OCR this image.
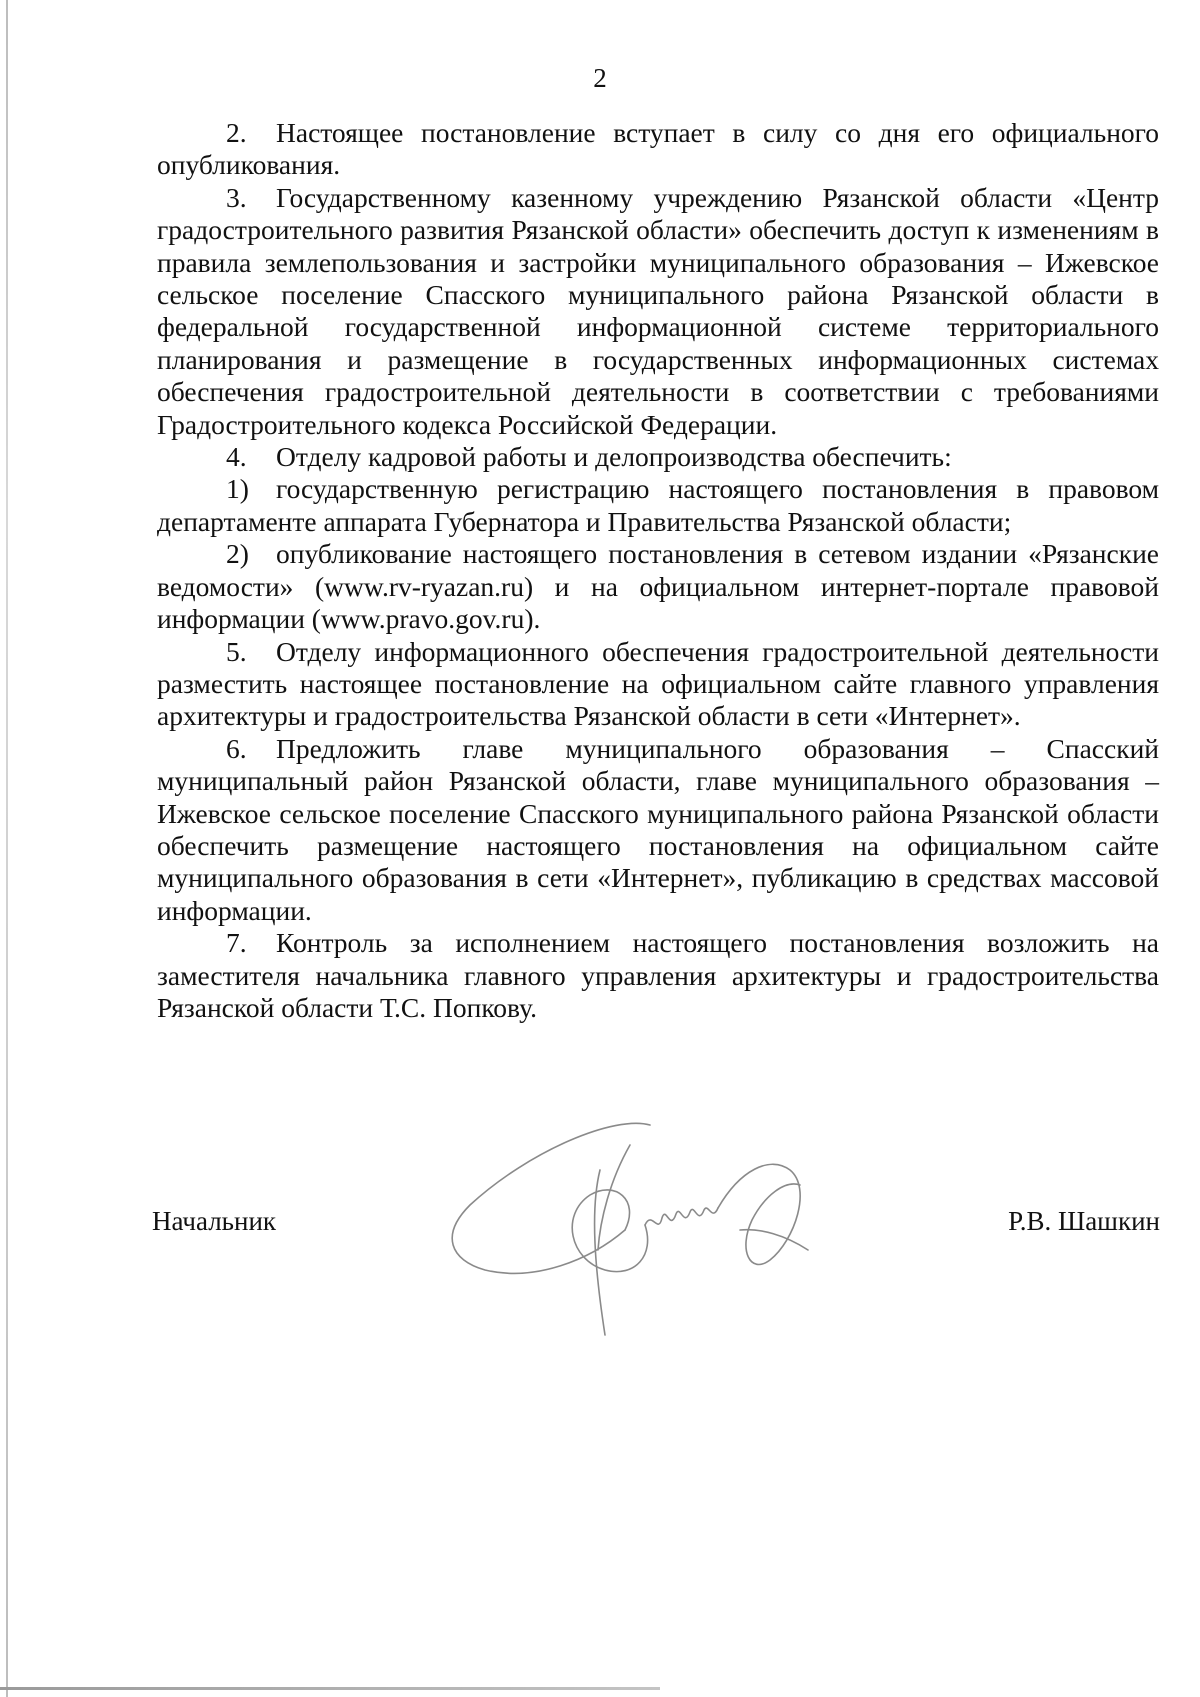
2

2. Настоящее постановление вступает в силу со дня его официального опубликования.

3. Государственному казенному учреждению Рязанской области «Центр градостроительного развития Рязанской области» обеспечить доступ к изменениям в правила землепользования и застройки муниципального образования – Ижевское сельское поселение Спасского муниципального района Рязанской области в федеральной государственной информационной системе территориального планирования и размещение в государственных информационных системах обеспечения градостроительной деятельности в соответствии с требованиями Градостроительного кодекса Российской Федерации.

4. Отделу кадровой работы и делопроизводства обеспечить:

1) государственную регистрацию настоящего постановления в правовом департаменте аппарата Губернатора и Правительства Рязанской области;

2) опубликование настоящего постановления в сетевом издании «Рязанские ведомости» (www.rv-ryazan.ru) и на официальном интернет-портале правовой информации (www.pravo.gov.ru).

5. Отделу информационного обеспечения градостроительной деятельности разместить настоящее постановление на официальном сайте главного управления архитектуры и градостроительства Рязанской области в сети «Интернет».

6. Предложить главе муниципального образования – Спасский муниципальный район Рязанской области, главе муниципального образования – Ижевское сельское поселение Спасского муниципального района Рязанской области обеспечить размещение настоящего постановления на официальном сайте муниципального образования в сети «Интернет», публикацию в средствах массовой информации.

7. Контроль за исполнением настоящего постановления возложить на заместителя начальника главного управления архитектуры и градостроительства Рязанской области Т.С. Попкову.

Начальник	Р.В. Шашкин
